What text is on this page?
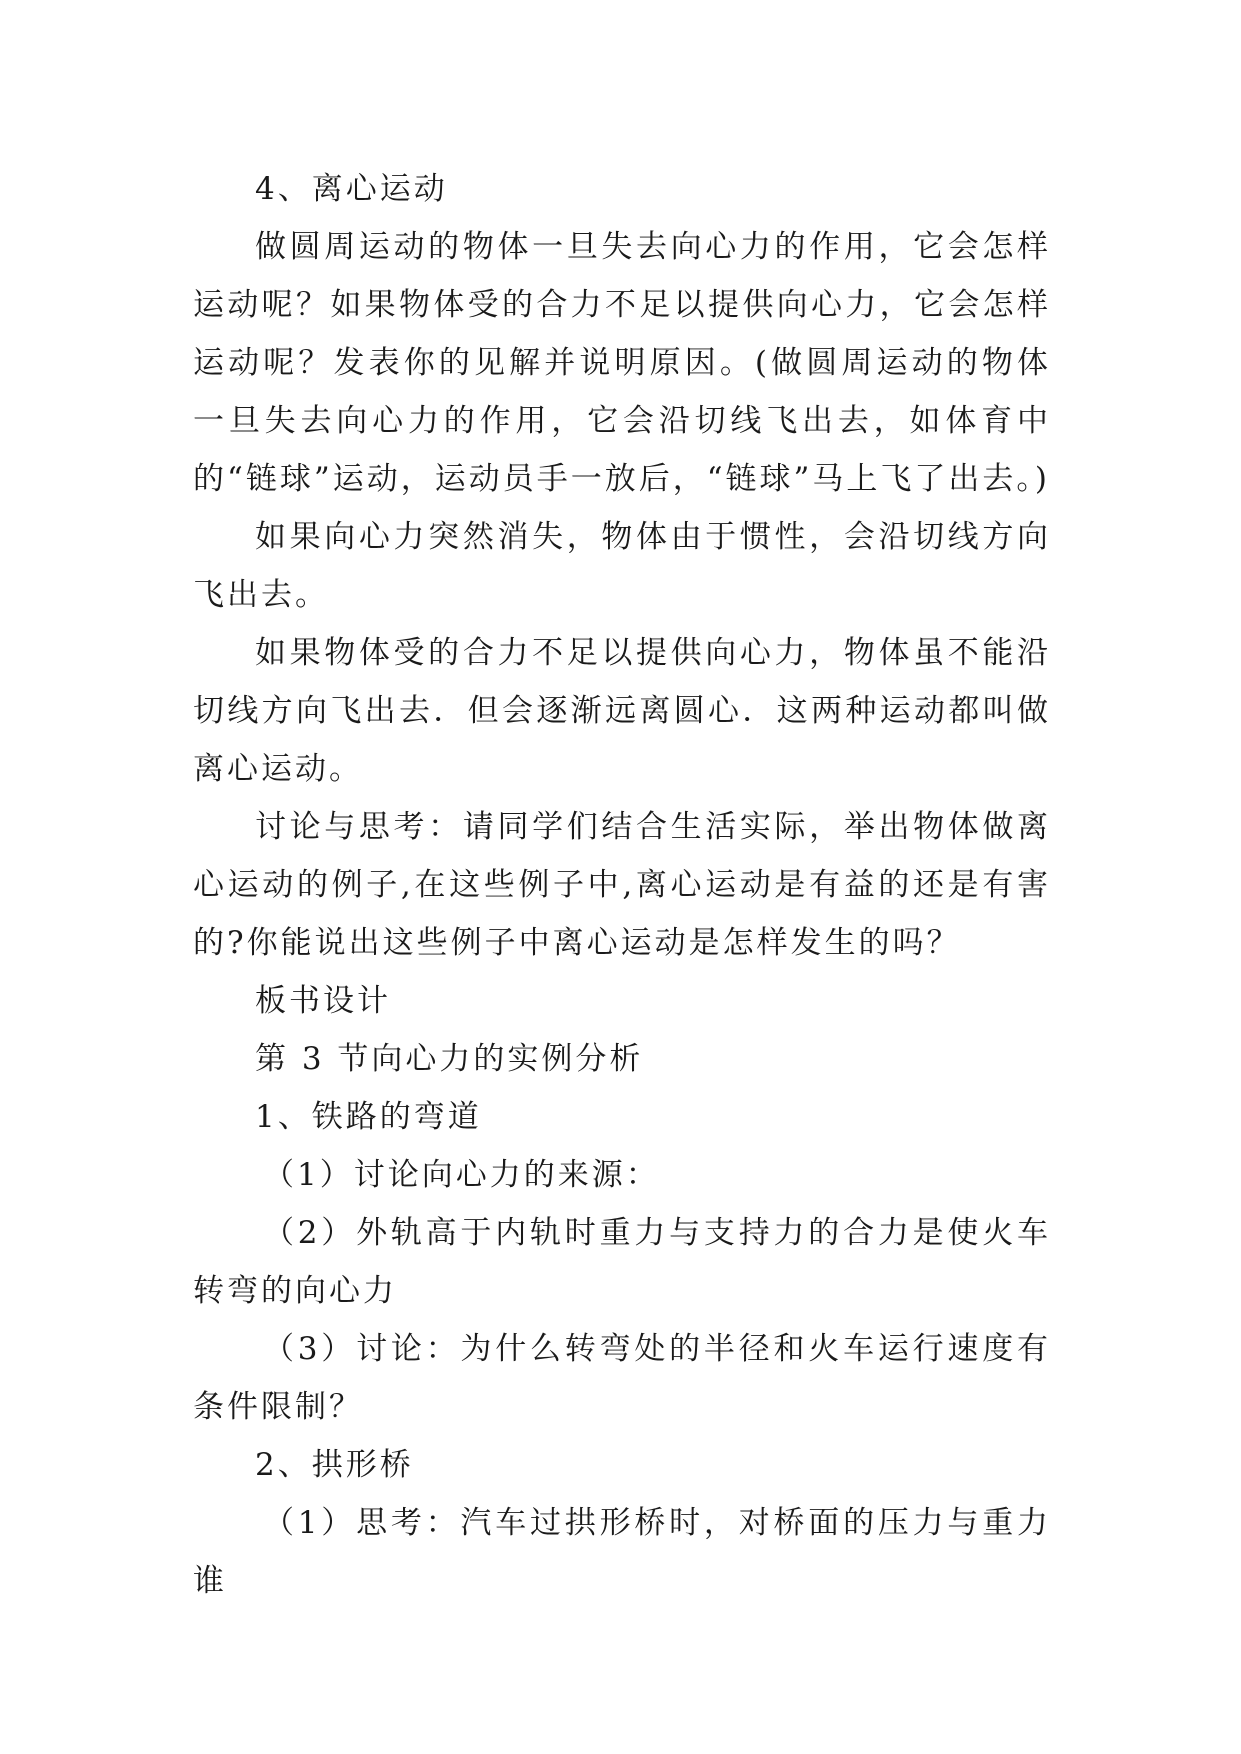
4、离心运动

做圆周运动的物体一旦失去向心力的作用，它会怎样运动呢？如果物体受的合力不足以提供向心力，它会怎样运动呢？发表你的见解并说明原因。(做圆周运动的物体一旦失去向心力的作用，它会沿切线飞出去，如体育中的“链球”运动，运动员手一放后，“链球”马上飞了出去。)

如果向心力突然消失，物体由于惯性，会沿切线方向飞出去。

如果物体受的合力不足以提供向心力，物体虽不能沿切线方向飞出去．但会逐渐远离圆心．这两种运动都叫做离心运动。

讨论与思考：请同学们结合生活实际，举出物体做离心运动的例子,在这些例子中,离心运动是有益的还是有害的?你能说出这些例子中离心运动是怎样发生的吗？

板书设计

第 3 节向心力的实例分析

1、铁路的弯道

（1）讨论向心力的来源：

（2）外轨高于内轨时重力与支持力的合力是使火车转弯的向心力

（3）讨论：为什么转弯处的半径和火车运行速度有条件限制？

2、拱形桥

（1）思考：汽车过拱形桥时，对桥面的压力与重力谁
